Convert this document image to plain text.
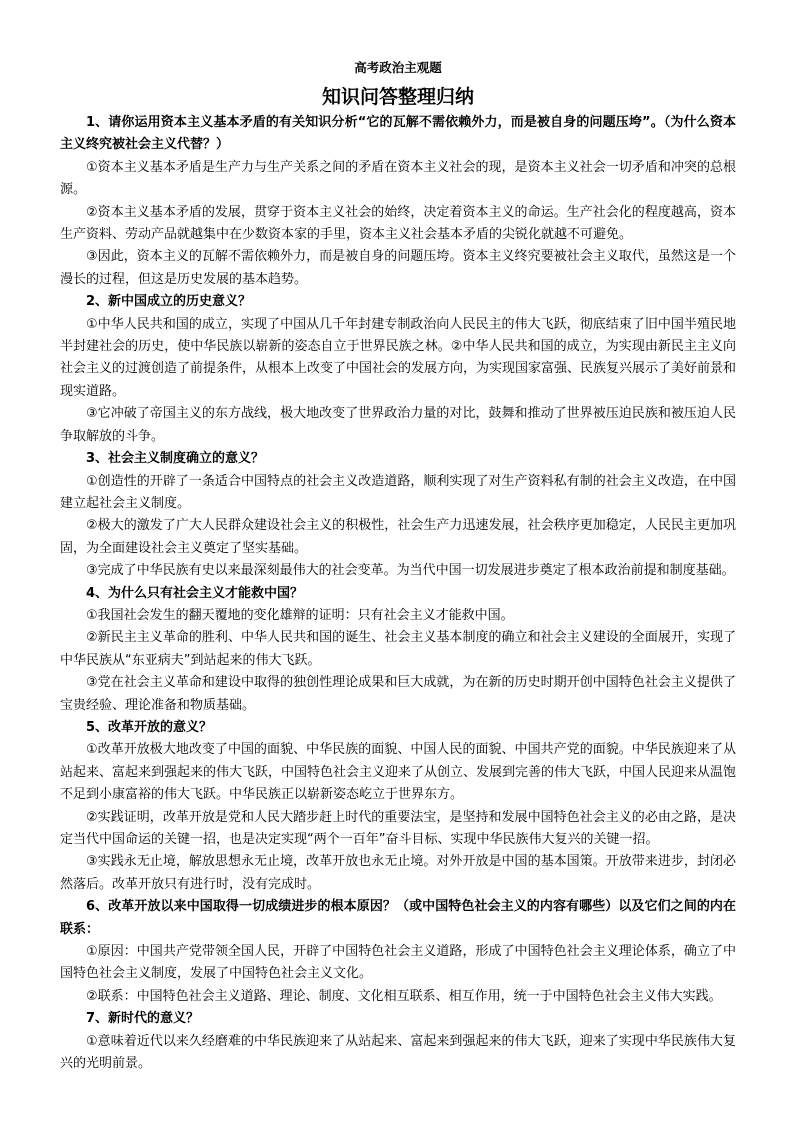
高考政治主观题
知识问答整理归纳

1、请你运用资本主义基本矛盾的有关知识分析“它的瓦解不需依赖外力，而是被自身的问题压垮”。（为什么资本主义终究被社会主义代替？）

①资本主义基本矛盾是生产力与生产关系之间的矛盾在资本主义社会的现，是资本主义社会一切矛盾和冲突的总根源。

②资本主义基本矛盾的发展，贯穿于资本主义社会的始终，决定着资本主义的命运。生产社会化的程度越高，资本生产资料、劳动产品就越集中在少数资本家的手里，资本主义社会基本矛盾的尖锐化就越不可避免。

③因此，资本主义的瓦解不需依赖外力，而是被自身的问题压垮。资本主义终究要被社会主义取代，虽然这是一个漫长的过程，但这是历史发展的基本趋势。

2、新中国成立的历史意义？

①中华人民共和国的成立，实现了中国从几千年封建专制政治向人民民主的伟大飞跃，彻底结束了旧中国半殖民地半封建社会的历史，使中华民族以崭新的姿态自立于世界民族之林。②中华人民共和国的成立，为实现由新民主主义向社会主义的过渡创造了前提条件，从根本上改变了中国社会的发展方向，为实现国家富强、民族复兴展示了美好前景和现实道路。

③它冲破了帝国主义的东方战线，极大地改变了世界政治力量的对比，鼓舞和推动了世界被压迫民族和被压迫人民争取解放的斗争。

3、社会主义制度确立的意义？

①创造性的开辟了一条适合中国特点的社会主义改造道路，顺利实现了对生产资料私有制的社会主义改造，在中国建立起社会主义制度。

②极大的激发了广大人民群众建设社会主义的积极性，社会生产力迅速发展，社会秩序更加稳定，人民民主更加巩固，为全面建设社会主义奠定了坚实基础。

③完成了中华民族有史以来最深刻最伟大的社会变革。为当代中国一切发展进步奠定了根本政治前提和制度基础。

4、为什么只有社会主义才能救中国？

①我国社会发生的翻天覆地的变化雄辩的证明：只有社会主义才能救中国。

②新民主主义革命的胜利、中华人民共和国的诞生、社会主义基本制度的确立和社会主义建设的全面展开，实现了中华民族从“东亚病夫”到站起来的伟大飞跃。

③党在社会主义革命和建设中取得的独创性理论成果和巨大成就，为在新的历史时期开创中国特色社会主义提供了宝贵经验、理论准备和物质基础。

5、改革开放的意义？

①改革开放极大地改变了中国的面貌、中华民族的面貌、中国人民的面貌、中国共产党的面貌。中华民族迎来了从站起来、富起来到强起来的伟大飞跃，中国特色社会主义迎来了从创立、发展到完善的伟大飞跃，中国人民迎来从温饱不足到小康富裕的伟大飞跃。中华民族正以崭新姿态屹立于世界东方。

②实践证明，改革开放是党和人民大踏步赶上时代的重要法宝，是坚持和发展中国特色社会主义的必由之路，是决定当代中国命运的关键一招，也是决定实现“两个一百年”奋斗目标、实现中华民族伟大复兴的关键一招。

③实践永无止境，解放思想永无止境，改革开放也永无止境。对外开放是中国的基本国策。开放带来进步，封闭必然落后。改革开放只有进行时，没有完成时。

6、改革开放以来中国取得一切成绩进步的根本原因？（或中国特色社会主义的内容有哪些）以及它们之间的内在联系：

①原因：中国共产党带领全国人民，开辟了中国特色社会主义道路，形成了中国特色社会主义理论体系，确立了中国特色社会主义制度，发展了中国特色社会主义文化。

②联系：中国特色社会主义道路、理论、制度、文化相互联系、相互作用，统一于中国特色社会主义伟大实践。

7、新时代的意义？

①意味着近代以来久经磨难的中华民族迎来了从站起来、富起来到强起来的伟大飞跃，迎来了实现中华民族伟大复兴的光明前景。
